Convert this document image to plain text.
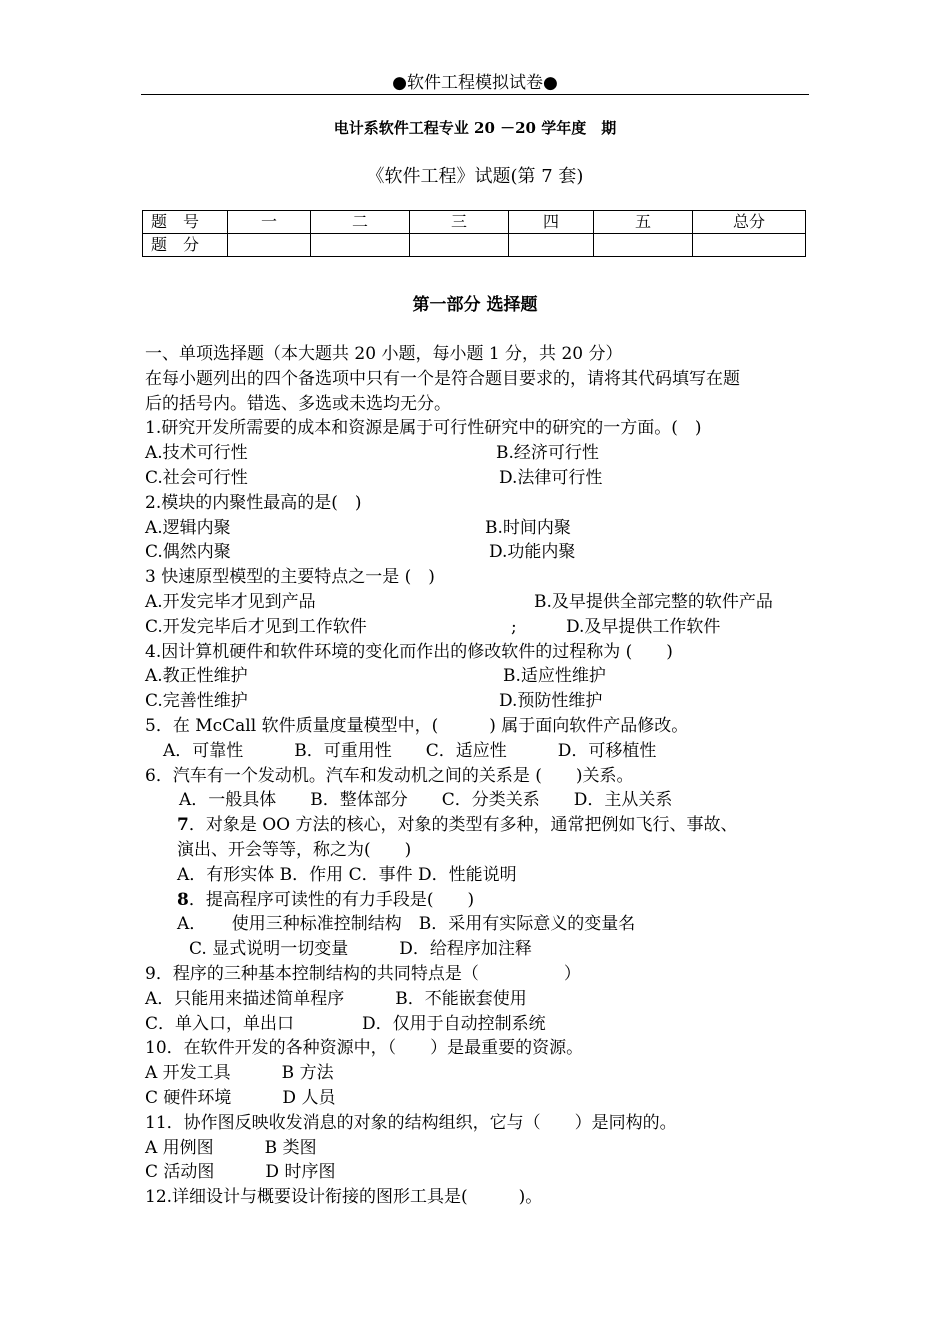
●软件工程模拟试卷●
电计系软件工程专业 20 －20 学年度　期
《软件工程》试题(第 7 套)
题　号	一	二	三	四	五	总分
题　分						
第一部分 选择题
一、单项选择题（本大题共 20 小题，每小题 1 分，共 20 分）
在每小题列出的四个备选项中只有一个是符合题目要求的，请将其代码填写在题
后的括号内。错选、多选或未选均无分。
1.研究开发所需要的成本和资源是属于可行性研究中的研究的一方面。(　)
A.技术可行性	B.经济可行性
C.社会可行性	D.法律可行性
2.模块的内聚性最高的是(　)
A.逻辑内聚	B.时间内聚
C.偶然内聚	D.功能内聚
3 快速原型模型的主要特点之一是 (　)
A.开发完毕才见到产品	B.及早提供全部完整的软件产品
C.开发完毕后才见到工作软件	;	D.及早提供工作软件
4.因计算机硬件和软件环境的变化而作出的修改软件的过程称为 (　　)
A.教正性维护	B.适应性维护
C.完善性维护	D.预防性维护
5．在 McCall 软件质量度量模型中，(　　　) 属于面向软件产品修改。
A．可靠性　　　B．可重用性　　C．适应性　　　D．可移植性
6．汽车有一个发动机。汽车和发动机之间的关系是 (　　)关系。
A．一般具体　　B．整体部分　　C．分类关系　　D．主从关系
7．对象是 OO 方法的核心，对象的类型有多种，通常把例如飞行、事故、
演出、开会等等，称之为(　　)
A．有形实体 B．作用 C．事件 D．性能说明
8．提高程序可读性的有力手段是(　　)
A．　　使用三种标准控制结构　B．采用有实际意义的变量名
C. 显式说明一切变量　　　D．给程序加注释
9．程序的三种基本控制结构的共同特点是（　　　　　）
A．只能用来描述简单程序　　　B．不能嵌套使用
C．单入口，单出口　　　　D．仅用于自动控制系统
10．在软件开发的各种资源中，（　　）是最重要的资源。
A 开发工具　　　B 方法
C 硬件环境　　　D 人员
11．协作图反映收发消息的对象的结构组织，它与（　　）是同构的。
A 用例图　　　B 类图
C 活动图　　　D 时序图
12.详细设计与概要设计衔接的图形工具是(　　　)。
